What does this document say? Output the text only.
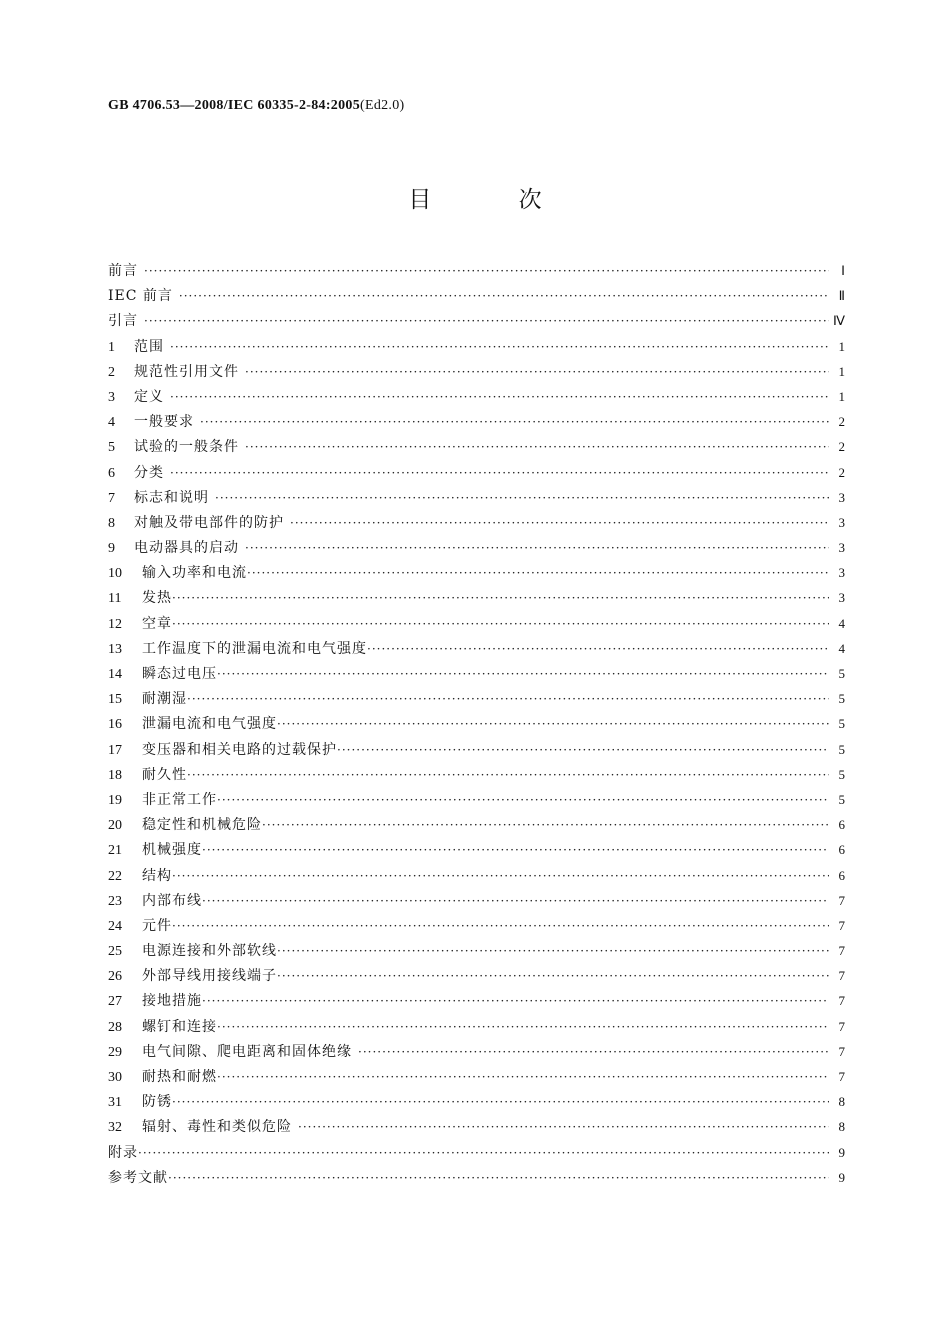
GB 4706.53—2008/IEC 60335-2-84:2005(Ed2.0)
目 次
前言 ·····	Ⅰ
IEC 前言 ·····	Ⅱ
引言 ·····	Ⅳ
1	范围 ·····	1
2	规范性引用文件 ·····	1
3	定义 ·····	1
4	一般要求 ·····	2
5	试验的一般条件 ·····	2
6	分类 ·····	2
7	标志和说明 ·····	3
8	对触及带电部件的防护 ·····	3
9	电动器具的启动 ·····	3
10	输入功率和电流 ·····	3
11	发热 ·····	3
12	空章 ·····	4
13	工作温度下的泄漏电流和电气强度 ·····	4
14	瞬态过电压 ·····	5
15	耐潮湿 ·····	5
16	泄漏电流和电气强度 ·····	5
17	变压器和相关电路的过载保护 ·····	5
18	耐久性 ·····	5
19	非正常工作 ·····	5
20	稳定性和机械危险 ·····	6
21	机械强度 ·····	6
22	结构 ·····	6
23	内部布线 ·····	7
24	元件 ·····	7
25	电源连接和外部软线 ·····	7
26	外部导线用接线端子 ·····	7
27	接地措施 ·····	7
28	螺钉和连接 ·····	7
29	电气间隙、爬电距离和固体绝缘 ·····	7
30	耐热和耐燃 ·····	7
31	防锈 ·····	8
32	辐射、毒性和类似危险 ·····	8
附录 ·····	9
参考文献 ·····	9
